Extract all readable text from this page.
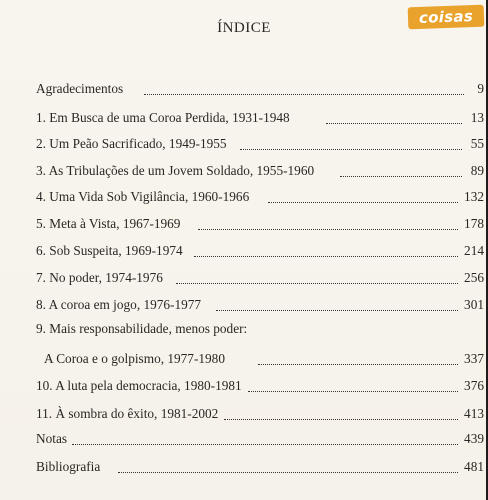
coisas
ÍNDICE
Agradecimentos	9
1. Em Busca de uma Coroa Perdida, 1931-1948	13
2. Um Peão Sacrificado, 1949-1955	55
3. As Tribulações de um Jovem Soldado, 1955-1960	89
4. Uma Vida Sob Vigilância, 1960-1966	132
5. Meta à Vista, 1967-1969	178
6. Sob Suspeita, 1969-1974	214
7. No poder, 1974-1976	256
8. A coroa em jogo, 1976-1977	301
9. Mais responsabilidade, menos poder:
A Coroa e o golpismo, 1977-1980	337
10. A luta pela democracia, 1980-1981	376
11. À sombra do êxito, 1981-2002	413
Notas	439
Bibliografia	481
